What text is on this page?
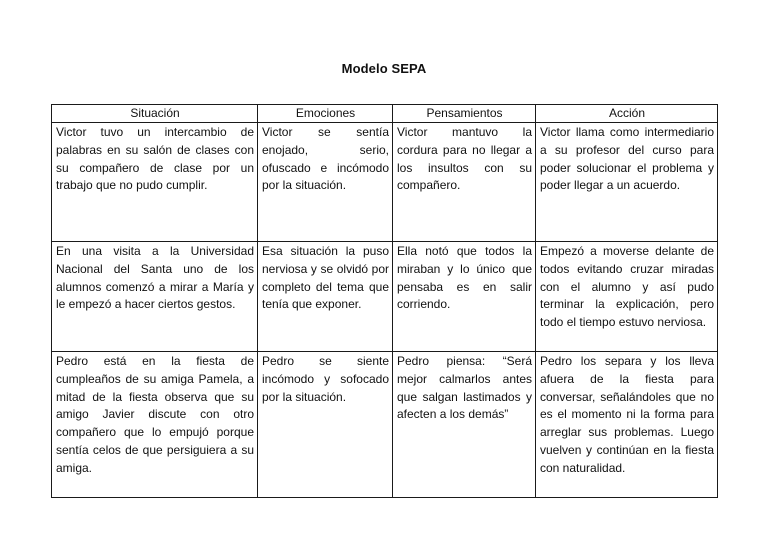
Modelo SEPA
Situación	Emociones	Pensamientos	Acción
Victor tuvo un intercambio de palabras en su salón de clases con su compañero de clase por un trabajo que no pudo cumplir.	Victor se sentía enojado, serio, ofuscado e incómodo por la situación.	Victor mantuvo la cordura para no llegar a los insultos con su compañero.	Victor llama como intermediario a su profesor del curso para poder solucionar el problema y poder llegar a un acuerdo.
En una visita a la Universidad Nacional del Santa uno de los alumnos comenzó a mirar a María y le empezó a hacer ciertos gestos.	Esa situación la puso nerviosa y se olvidó por completo del tema que tenía que exponer.	Ella notó que todos la miraban y lo único que pensaba es en salir corriendo.	Empezó a moverse delante de todos evitando cruzar miradas con el alumno y así pudo terminar la explicación, pero todo el tiempo estuvo nerviosa.
Pedro está en la fiesta de cumpleaños de su amiga Pamela, a mitad de la fiesta observa que su amigo Javier discute con otro compañero que lo empujó porque sentía celos de que persiguiera a su amiga.	Pedro se siente incómodo y sofocado por la situación.	Pedro piensa: “Será mejor calmarlos antes que salgan lastimados y afecten a los demás”	Pedro los separa y los lleva afuera de la fiesta para conversar, señalándoles que no es el momento ni la forma para arreglar sus problemas. Luego vuelven y continúan en la fiesta con naturalidad.
